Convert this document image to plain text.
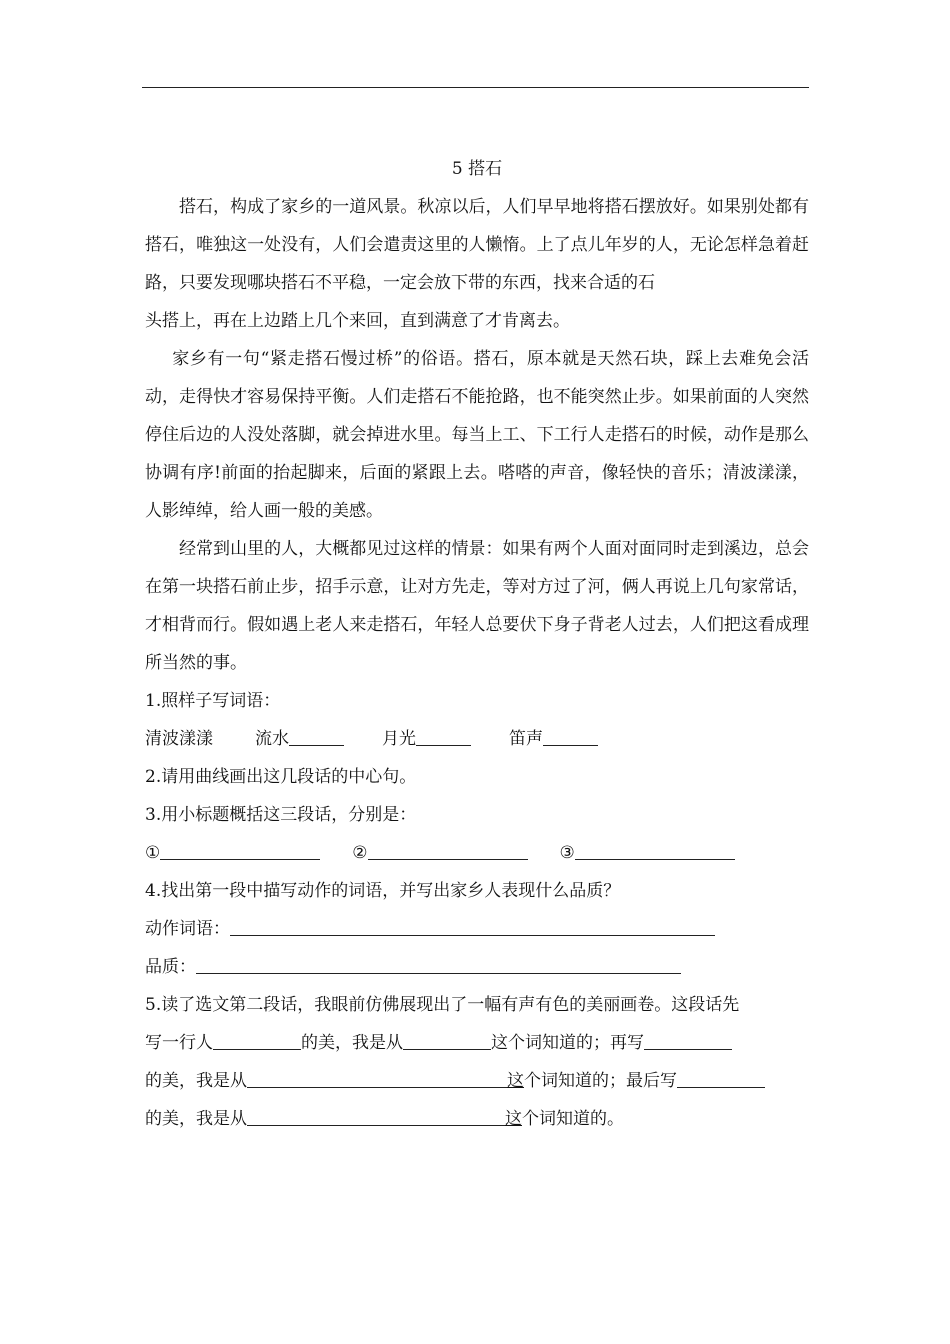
5 搭石

搭石，构成了家乡的一道风景。秋凉以后，人们早早地将搭石摆放好。如果别处都有搭石，唯独这一处没有，人们会遣责这里的人懒惰。上了点儿年岁的人，无论怎样急着赶路，只要发现哪块搭石不平稳，一定会放下带的东西，找来合适的石

头搭上，再在上边踏上几个来回，直到满意了才肯离去。

家乡有一句“紧走搭石慢过桥”的俗语。搭石，原本就是天然石块，踩上去难免会活动，走得快才容易保持平衡。人们走搭石不能抢路，也不能突然止步。如果前面的人突然停住后边的人没处落脚，就会掉进水里。每当上工、下工行人走搭石的时候，动作是那么协调有序!前面的抬起脚来，后面的紧跟上去。嗒嗒的声音，像轻快的音乐；清波漾漾，人影绰绰，给人画一般的美感。

经常到山里的人，大概都见过这样的情景：如果有两个人面对面同时走到溪边，总会在第一块搭石前止步，招手示意，让对方先走，等对方过了河，俩人再说上几句家常话，才相背而行。假如遇上老人来走搭石，年轻人总要伏下身子背老人过去，人们把这看成理所当然的事。

1.照样子写词语：
清波漾漾 流水	月光	笛声
2.请用曲线画出这几段话的中心句。
3.用小标题概括这三段话，分别是：
①	②	③
4.找出第一段中描写动作的词语，并写出家乡人表现什么品质？
动作词语：
品质：
5.读了选文第二段话，我眼前仿佛展现出了一幅有声有色的美丽画卷。这段话先
写一行人	的美，我是从	这个词知道的；再写
的美，我是从	这个词知道的；最后写
的美，我是从	这个词知道的。
